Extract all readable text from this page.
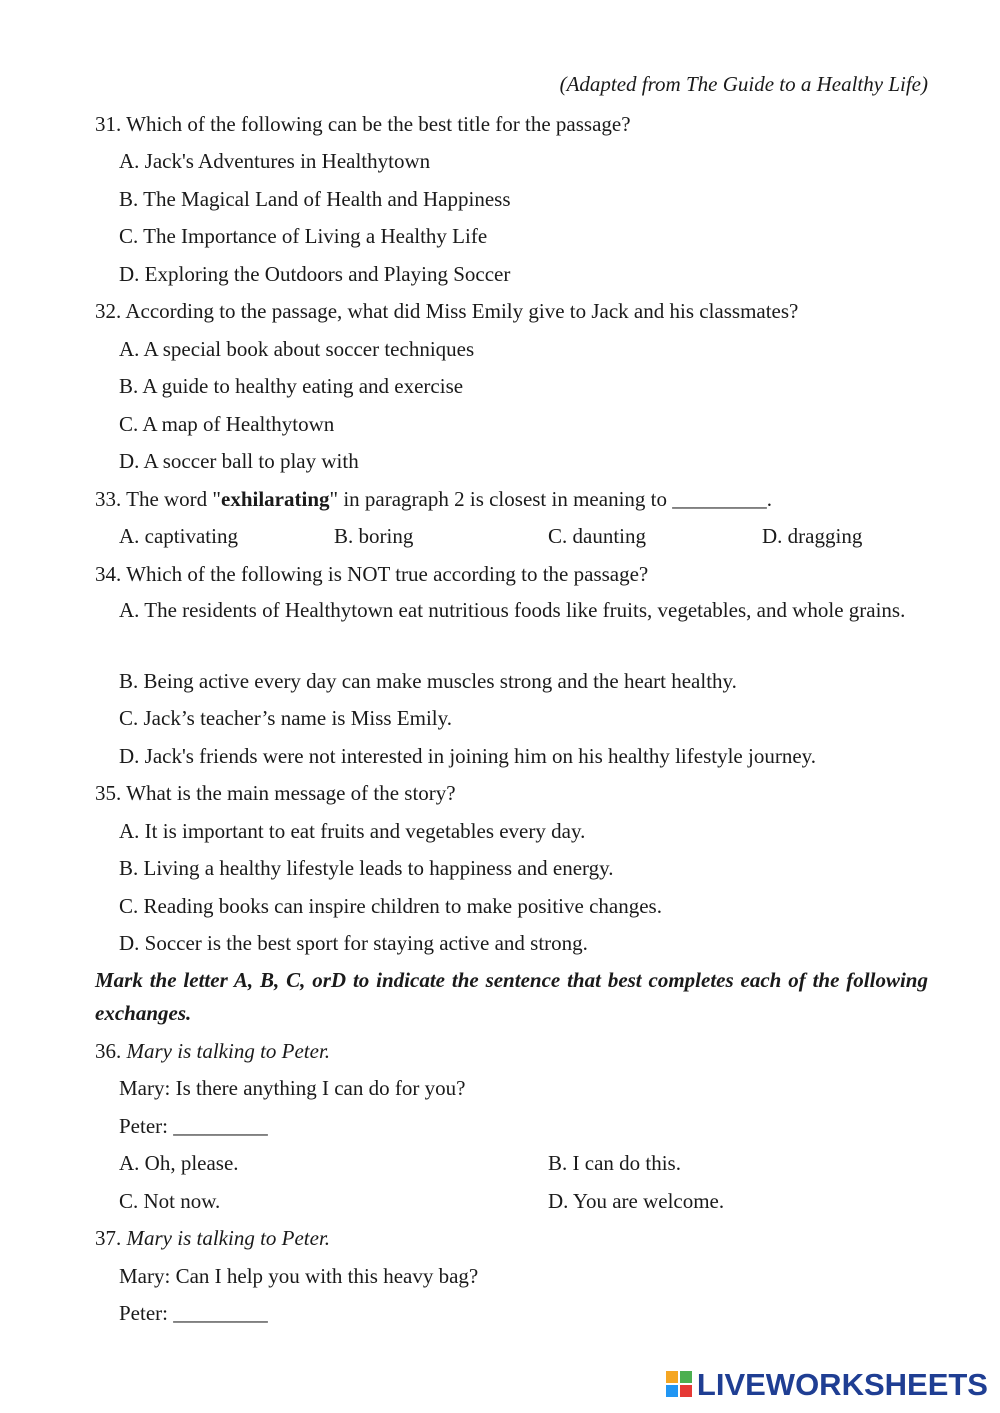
(Adapted from The Guide to a Healthy Life)
31. Which of the following can be the best title for the passage?
A. Jack's Adventures in Healthytown
B. The Magical Land of Health and Happiness
C. The Importance of Living a Healthy Life
D. Exploring the Outdoors and Playing Soccer
32. According to the passage, what did Miss Emily give to Jack and his classmates?
A. A special book about soccer techniques
B. A guide to healthy eating and exercise
C. A map of Healthytown
D. A soccer ball to play with
33. The word "exhilarating" in paragraph 2 is closest in meaning to _________.
A. captivating	B. boring	C. daunting	D. dragging
34. Which of the following is NOT true according to the passage?
A. The residents of Healthytown eat nutritious foods like fruits, vegetables, and whole grains.
B. Being active every day can make muscles strong and the heart healthy.
C. Jack’s teacher’s name is Miss Emily.
D. Jack's friends were not interested in joining him on his healthy lifestyle journey.
35. What is the main message of the story?
A. It is important to eat fruits and vegetables every day.
B. Living a healthy lifestyle leads to happiness and energy.
C. Reading books can inspire children to make positive changes.
D. Soccer is the best sport for staying active and strong.
Mark the letter A, B, C, orD to indicate the sentence that best completes each of the following exchanges.
36. Mary is talking to Peter.
Mary: Is there anything I can do for you?
Peter: _________
A. Oh, please.	B. I can do this.
C. Not now.	D. You are welcome.
37. Mary is talking to Peter.
Mary: Can I help you with this heavy bag?
Peter: _________
LIVEWORKSHEETS
